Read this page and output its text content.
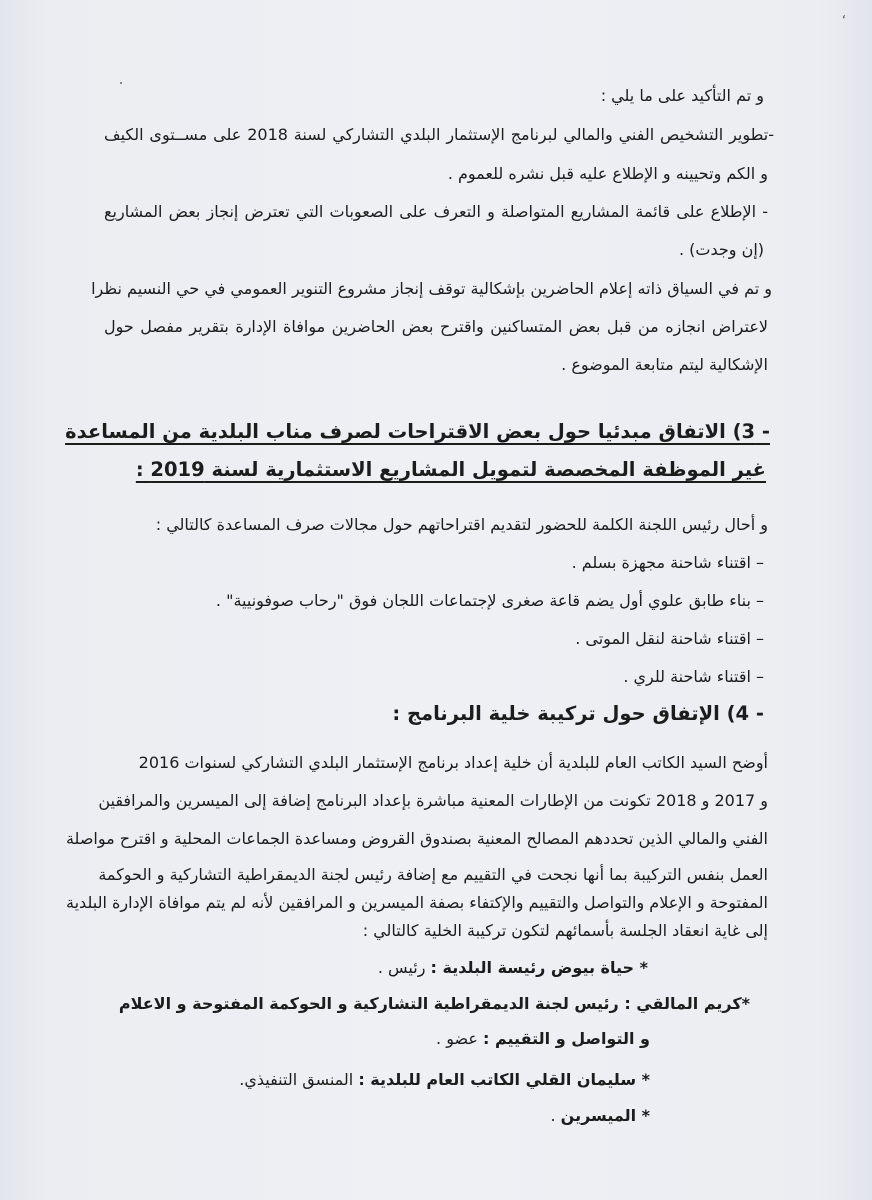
‘
و تم التأكيد على ما يلي :
-تطوير التشخيص الفني والمالي لبرنامج الإستثمار البلدي التشاركي لسنة 2018 على مســتوى الكيف
و الكم وتحيينه و الإطلاع عليه قبل نشره للعموم .
- الإطلاع على قائمة المشاريع المتواصلة و التعرف على الصعوبات التي تعترض إنجاز بعض المشاريع
(إن وجدت) .
و تم في السياق ذاته إعلام الحاضرين بإشكالية توقف إنجاز مشروع التنوير العمومي في حي النسيم نظرا
لاعتراض انجازه من قبل بعض المتساكنين واقترح بعض الحاضرين موافاة الإدارة بتقرير مفصل حول
الإشكالية ليتم متابعة الموضوع .
- 3) الاتفاق مبدئيا حول بعض الاقتراحات لصرف مناب البلدية من المساعدة
غير الموظفة المخصصة لتمويل المشاريع الاستثمارية لسنة 2019 :
و أحال رئيس اللجنة الكلمة للحضور لتقديم اقتراحاتهم حول مجالات صرف المساعدة كالتالي :
– اقتناء شاحنة مجهزة بسلم .
– بناء طابق علوي أول يضم قاعة صغرى لإجتماعات اللجان فوق "رحاب صوفونيية" .
– اقتناء شاحنة لنقل الموتى .
– اقتناء شاحنة للري .
- 4) الإتفاق حول تركيبة خلية البرنامج :
أوضح السيد الكاتب العام للبلدية أن خلية إعداد برنامج الإستثمار البلدي التشاركي لسنوات 2016
و 2017 و 2018 تكونت من الإطارات المعنية مباشرة بإعداد البرنامج إضافة إلى الميسرين والمرافقين
الفني والمالي الذين تحددهم المصالح المعنية بصندوق القروض ومساعدة الجماعات المحلية و اقترح مواصلة
العمل بنفس التركيبة بما أنها نجحت في التقييم مع إضافة رئيس لجنة الديمقراطية التشاركية و الحوكمة
المفتوحة و الإعلام والتواصل والتقييم والإكتفاء بصفة الميسرين و المرافقين لأنه لم يتم موافاة الإدارة البلدية
إلى غاية انعقاد الجلسة بأسمائهم لتكون تركيبة الخلية كالتالي :
* حياة بيوض رئيسة البلدية : رئيس .
*كريم المالقي : رئيس لجنة الديمقراطية التشاركية و الحوكمة المفتوحة و الاعلام
و التواصل و التقييم : عضو .
* سليمان القلي الكاتب العام للبلدية : المنسق التنفيذي.
* الميسرين .
